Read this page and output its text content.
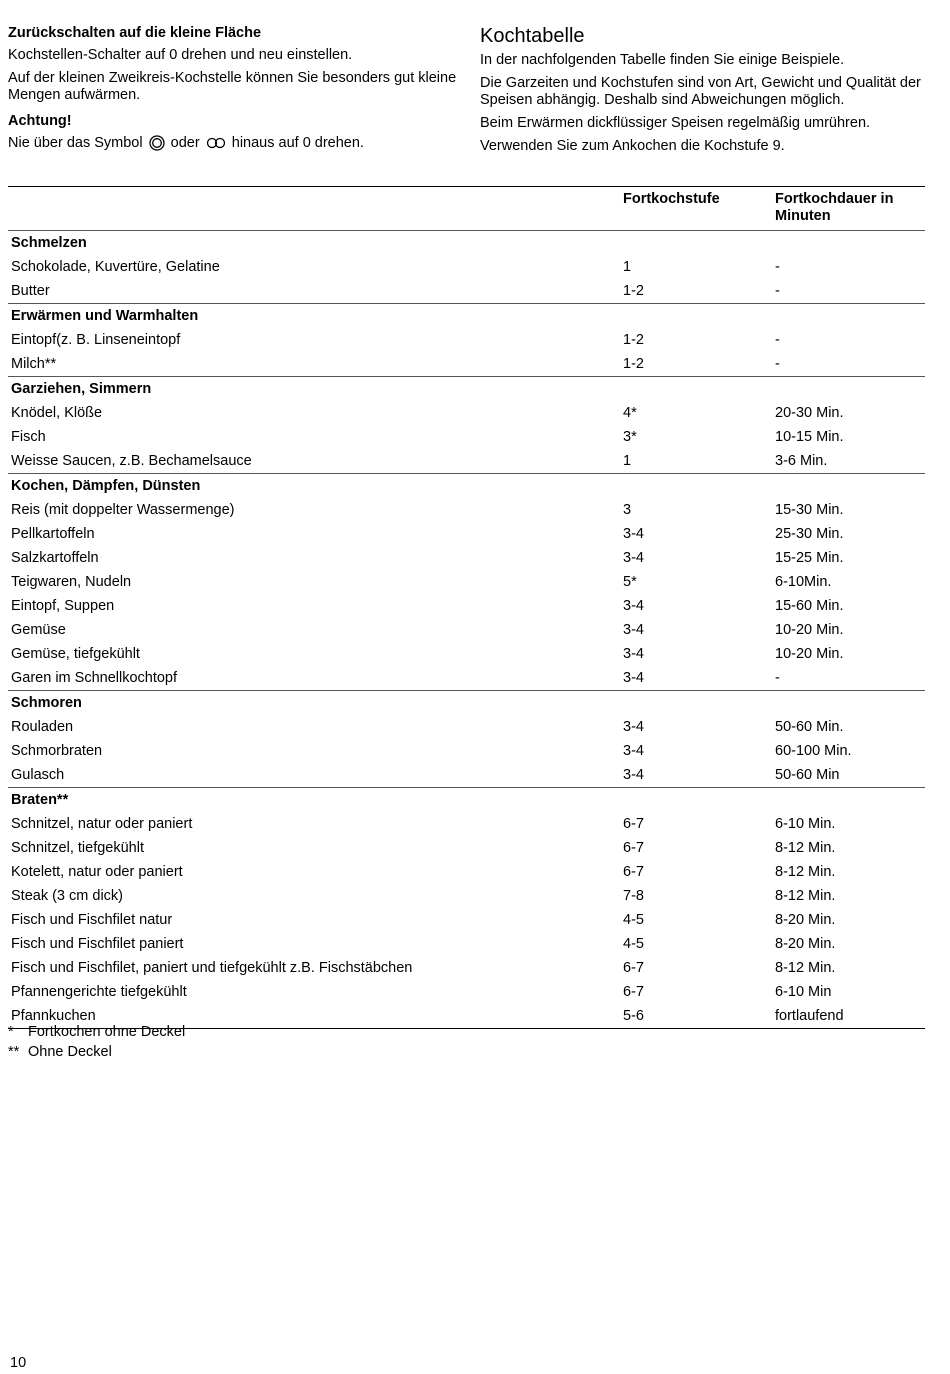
Zurückschalten auf die kleine Fläche
Kochstellen-Schalter auf 0 drehen und neu einstellen.
Auf der kleinen Zweikreis-Kochstelle können Sie besonders gut kleine Mengen aufwärmen.
Achtung!
Nie über das Symbol oder hinaus auf 0 drehen.
Kochtabelle
In der nachfolgenden Tabelle finden Sie einige Beispiele.
Die Garzeiten und Kochstufen sind von Art, Gewicht und Qualität der Speisen abhängig. Deshalb sind Abweichungen möglich.
Beim Erwärmen dickflüssiger Speisen regelmäßig umrühren.
Verwenden Sie zum Ankochen die Kochstufe 9.
	Fortkochstufe	Fortkochdauer in Minuten
Schmelzen		
Schokolade, Kuvertüre, Gelatine	1	-
Butter	1-2	-
Erwärmen und Warmhalten		
Eintopf(z. B. Linseneintopf	1-2	-
Milch**	1-2	-
Garziehen, Simmern		
Knödel, Klöße	4*	20-30 Min.
Fisch	3*	10-15 Min.
Weisse Saucen, z.B. Bechamelsauce	1	3-6 Min.
Kochen, Dämpfen, Dünsten		
Reis (mit doppelter Wassermenge)	3	15-30 Min.
Pellkartoffeln	3-4	25-30 Min.
Salzkartoffeln	3-4	15-25 Min.
Teigwaren, Nudeln	5*	6-10Min.
Eintopf, Suppen	3-4	15-60 Min.
Gemüse	3-4	10-20 Min.
Gemüse, tiefgekühlt	3-4	10-20 Min.
Garen im Schnellkochtopf	3-4	-
Schmoren		
Rouladen	3-4	50-60 Min.
Schmorbraten	3-4	60-100 Min.
Gulasch	3-4	50-60 Min
Braten**		
Schnitzel, natur oder paniert	6-7	6-10 Min.
Schnitzel, tiefgekühlt	6-7	8-12 Min.
Kotelett, natur oder paniert	6-7	8-12 Min.
Steak (3 cm dick)	7-8	8-12 Min.
Fisch und Fischfilet natur	4-5	8-20 Min.
Fisch und Fischfilet paniert	4-5	8-20 Min.
Fisch und Fischfilet, paniert und tiefgekühlt z.B. Fischstäbchen	6-7	8-12 Min.
Pfannengerichte tiefgekühlt	6-7	6-10 Min
Pfannkuchen	5-6	fortlaufend
* Fortkochen ohne Deckel
** Ohne Deckel
10
